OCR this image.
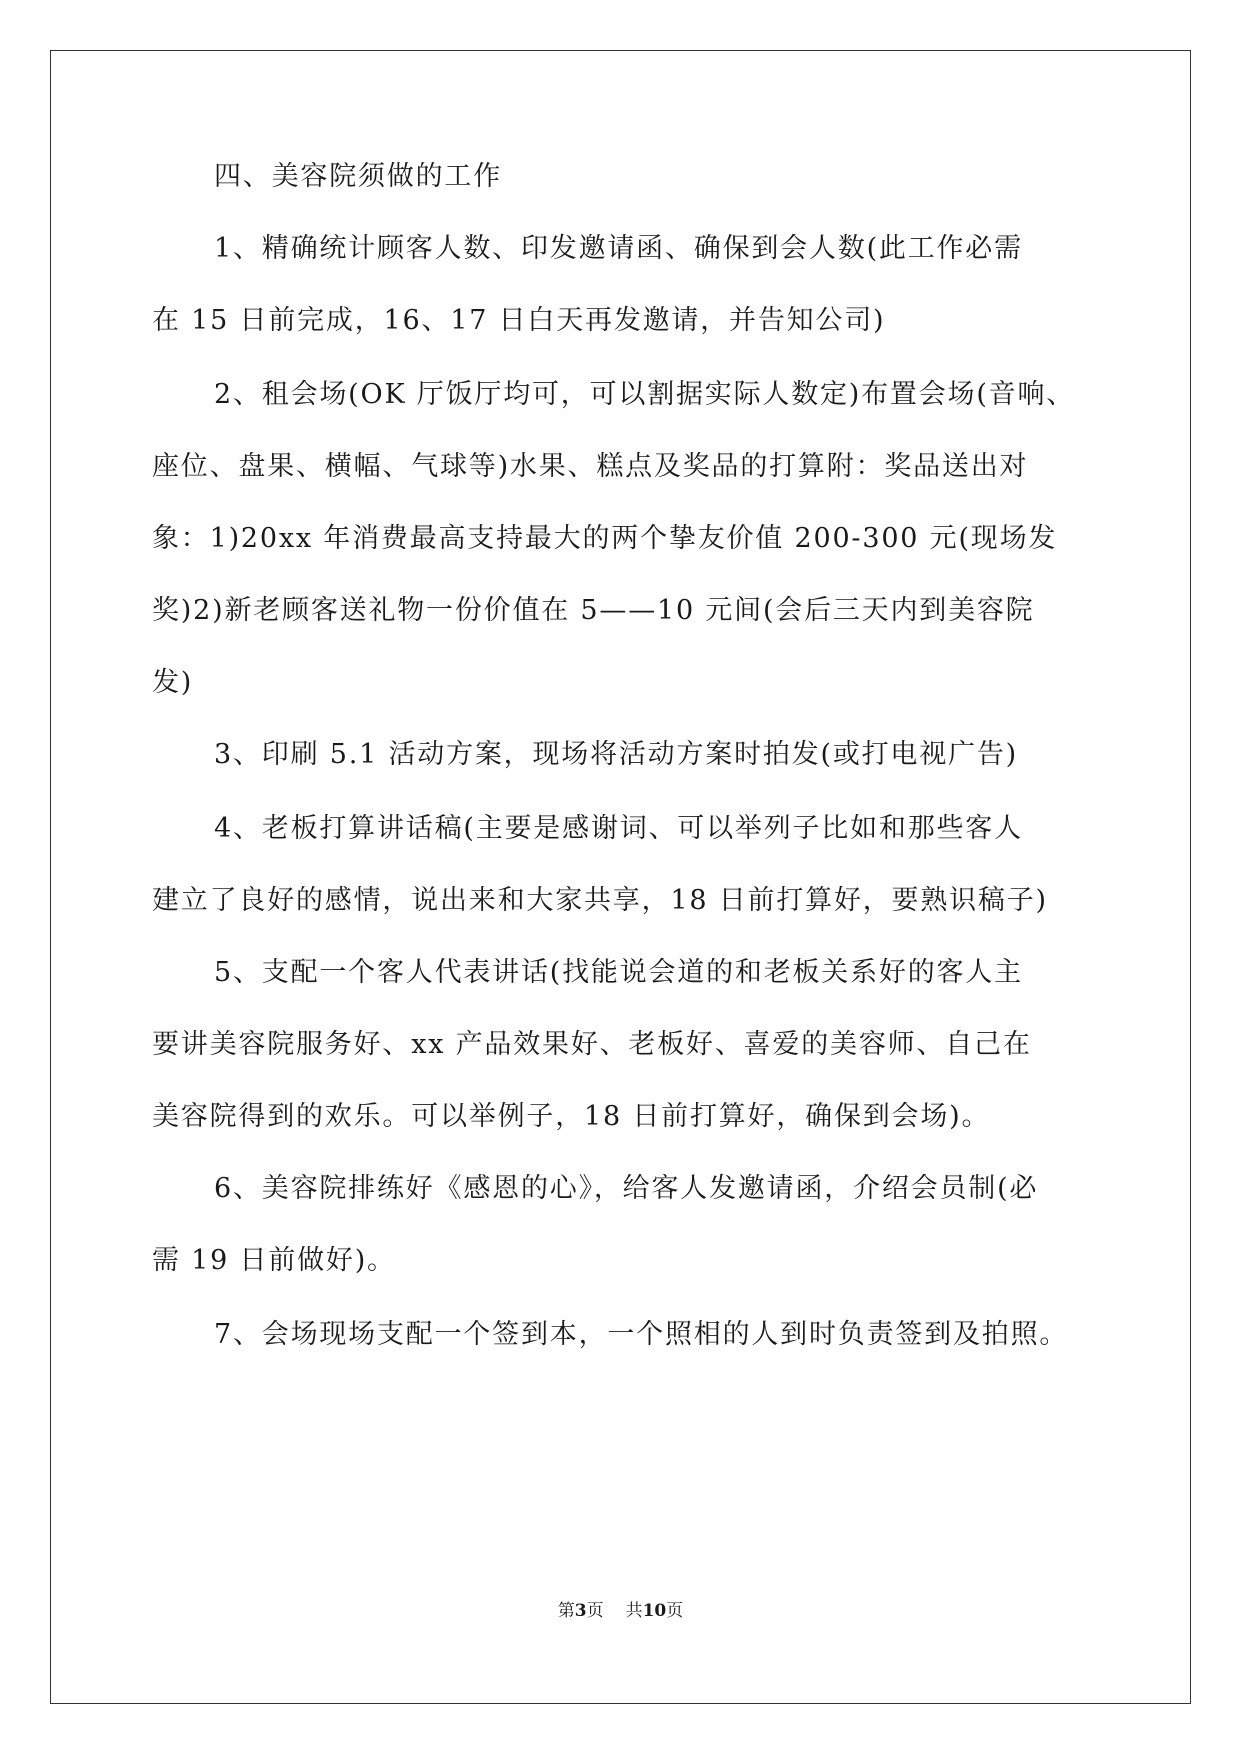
四、美容院须做的工作
1、精确统计顾客人数、印发邀请函、确保到会人数(此工作必需
在 15 日前完成，16、17 日白天再发邀请，并告知公司)
2、租会场(OK 厅饭厅均可，可以割据实际人数定)布置会场(音响、
座位、盘果、横幅、气球等)水果、糕点及奖品的打算附：奖品送出对
象：1)20xx 年消费最高支持最大的两个挚友价值 200-300 元(现场发
奖)2)新老顾客送礼物一份价值在 5——10 元间(会后三天内到美容院
发)
3、印刷 5.1 活动方案，现场将活动方案时拍发(或打电视广告)
4、老板打算讲话稿(主要是感谢词、可以举列子比如和那些客人
建立了良好的感情，说出来和大家共享，18 日前打算好，要熟识稿子)
5、支配一个客人代表讲话(找能说会道的和老板关系好的客人主
要讲美容院服务好、xx 产品效果好、老板好、喜爱的美容师、自己在
美容院得到的欢乐。可以举例子，18 日前打算好，确保到会场)。
6、美容院排练好《感恩的心》，给客人发邀请函，介绍会员制(必
需 19 日前做好)。
7、会场现场支配一个签到本，一个照相的人到时负责签到及拍照。
第3页 共10页
